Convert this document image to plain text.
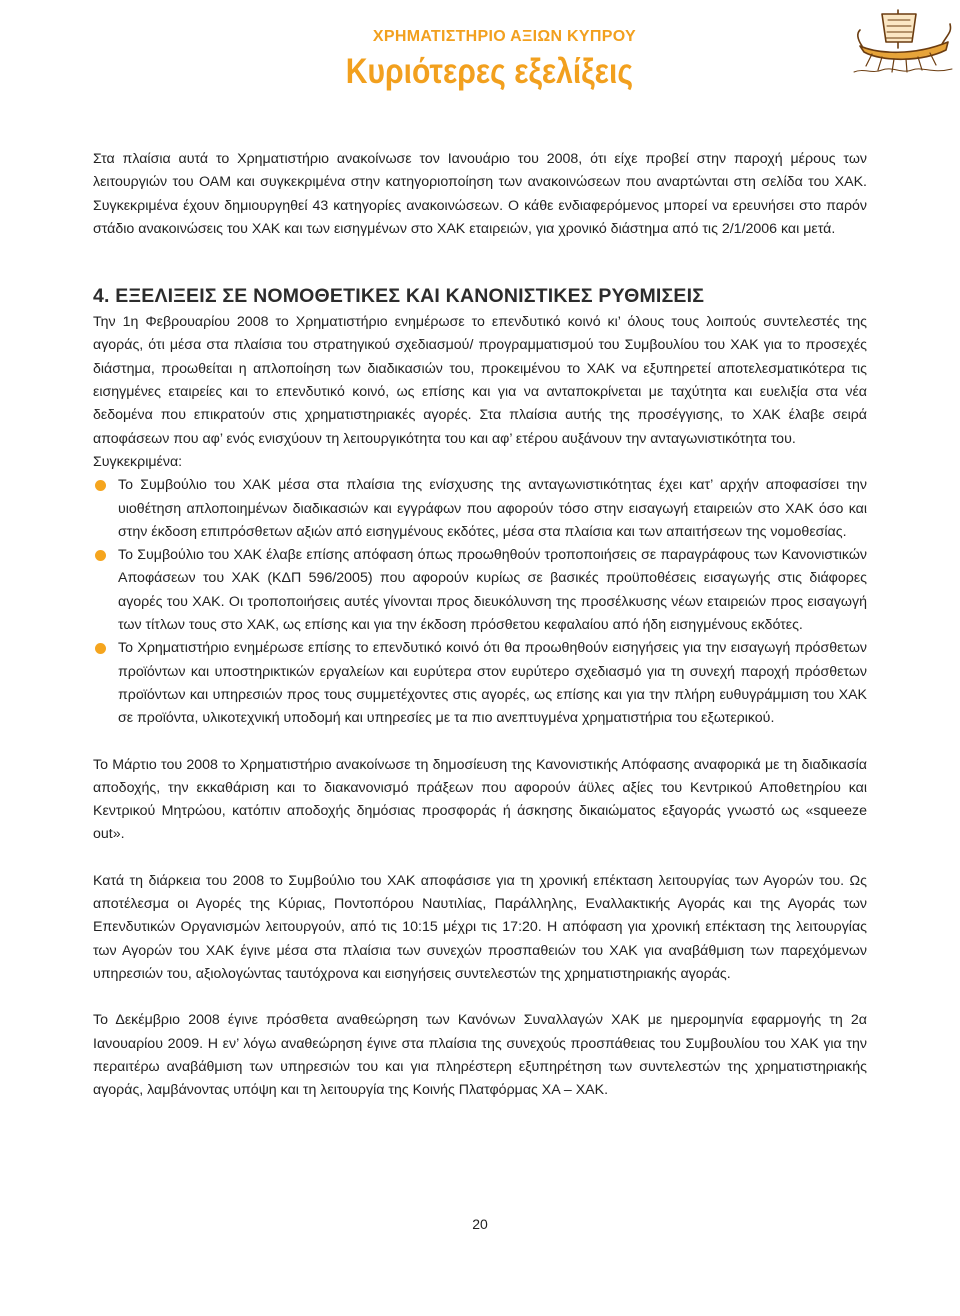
ΧΡΗΜΑΤΙΣΤΗΡΙΟ ΑΞΙΩΝ ΚΥΠΡΟΥ
Κυριότερες εξελίξεις

Στα πλαίσια αυτά το Χρηματιστήριο ανακοίνωσε τον Ιανουάριο του 2008, ότι είχε προβεί στην παροχή μέρους των λειτουργιών του ΟΑΜ και συγκεκριμένα στην κατηγοριοποίηση των ανακοινώσεων που αναρτώνται στη σελίδα του ΧΑΚ. Συγκεκριμένα έχουν δημιουργηθεί 43 κατηγορίες ανακοινώσεων. Ο κάθε ενδιαφερόμενος μπορεί να ερευνήσει στο παρόν στάδιο ανακοινώσεις του ΧΑΚ και των εισηγμένων στο ΧΑΚ εταιρειών, για χρονικό διάστημα από τις 2/1/2006 και μετά.

4. ΕΞΕΛΙΞΕΙΣ ΣΕ ΝΟΜΟΘΕΤΙΚΕΣ ΚΑΙ ΚΑΝΟΝΙΣΤΙΚΕΣ ΡΥΘΜΙΣΕΙΣ

Την 1η Φεβρουαρίου 2008 το Χρηματιστήριο ενημέρωσε το επενδυτικό κοινό κι’ όλους τους λοιπούς συντελεστές της αγοράς, ότι μέσα στα πλαίσια του στρατηγικού σχεδιασμού/ προγραμματισμού του Συμβουλίου του ΧΑΚ για το προσεχές διάστημα, προωθείται η απλοποίηση των διαδικασιών του, προκειμένου το ΧΑΚ να εξυπηρετεί αποτελεσματικότερα τις εισηγμένες εταιρείες και το επενδυτικό κοινό, ως επίσης και για να ανταποκρίνεται με ταχύτητα και ευελιξία στα νέα δεδομένα που επικρατούν στις χρηματιστηριακές αγορές. Στα πλαίσια αυτής της προσέγγισης, το ΧΑΚ έλαβε σειρά αποφάσεων που αφ’ ενός ενισχύουν τη λειτουργικότητα του και αφ’ ετέρου αυξάνουν την ανταγωνιστικότητα του.

Συγκεκριμένα:

Το Συμβούλιο του ΧΑΚ μέσα στα πλαίσια της ενίσχυσης της ανταγωνιστικότητας έχει κατ’ αρχήν αποφασίσει την υιοθέτηση απλοποιημένων διαδικασιών και εγγράφων που αφορούν τόσο στην εισαγωγή εταιρειών στο ΧΑΚ όσο και στην έκδοση επιπρόσθετων αξιών από εισηγμένους εκδότες, μέσα στα πλαίσια και των απαιτήσεων της νομοθεσίας.
Το Συμβούλιο του ΧΑΚ έλαβε επίσης απόφαση όπως προωθηθούν τροποποιήσεις σε παραγράφους των Κανονιστικών Αποφάσεων του ΧΑΚ (ΚΔΠ 596/2005) που αφορούν κυρίως σε βασικές προϋποθέσεις εισαγωγής στις διάφορες αγορές του ΧΑΚ. Οι τροποποιήσεις αυτές γίνονται προς διευκόλυνση της προσέλκυσης νέων εταιρειών προς εισαγωγή των τίτλων τους στο ΧΑΚ, ως επίσης και για την έκδοση πρόσθετου κεφαλαίου από ήδη εισηγμένους εκδότες.
Το Χρηματιστήριο ενημέρωσε επίσης το επενδυτικό κοινό ότι θα προωθηθούν εισηγήσεις για την εισαγωγή πρόσθετων προϊόντων και υποστηρικτικών εργαλείων και ευρύτερα στον ευρύτερο σχεδιασμό για τη συνεχή παροχή πρόσθετων προϊόντων και υπηρεσιών προς τους συμμετέχοντες στις αγορές, ως επίσης και για την πλήρη ευθυγράμμιση του ΧΑΚ σε προϊόντα, υλικοτεχνική υποδομή και υπηρεσίες με τα πιο ανεπτυγμένα χρηματιστήρια του εξωτερικού.

Το Μάρτιο του 2008 το Χρηματιστήριο ανακοίνωσε τη δημοσίευση της Κανονιστικής Απόφασης αναφορικά με τη διαδικασία αποδοχής, την εκκαθάριση και το διακανονισμό πράξεων που αφορούν άϋλες αξίες του Κεντρικού Αποθετηρίου και Κεντρικού Μητρώου, κατόπιν αποδοχής δημόσιας προσφοράς ή άσκησης δικαιώματος εξαγοράς γνωστό ως «squeeze out».

Κατά τη διάρκεια του 2008 το Συμβούλιο του ΧΑΚ αποφάσισε για τη χρονική επέκταση λειτουργίας των Αγορών του. Ως αποτέλεσμα οι Αγορές της Κύριας, Ποντοπόρου Ναυτιλίας, Παράλληλης, Εναλλακτικής Αγοράς και της Αγοράς των Επενδυτικών Οργανισμών λειτουργούν, από τις 10:15 μέχρι τις 17:20. Η απόφαση για χρονική επέκταση της λειτουργίας των Αγορών του ΧΑΚ έγινε μέσα στα πλαίσια των συνεχών προσπαθειών του ΧΑΚ για αναβάθμιση των παρεχόμενων υπηρεσιών του, αξιολογώντας ταυτόχρονα και εισηγήσεις συντελεστών της χρηματιστηριακής αγοράς.

Το Δεκέμβριο 2008 έγινε πρόσθετα αναθεώρηση των Κανόνων Συναλλαγών ΧΑΚ με ημερομηνία εφαρμογής τη 2α Ιανουαρίου 2009. Η εν’ λόγω αναθεώρηση έγινε στα πλαίσια της συνεχούς προσπάθειας του Συμβουλίου του ΧΑΚ για την περαιτέρω αναβάθμιση των υπηρεσιών του και για πληρέστερη εξυπηρέτηση των συντελεστών της χρηματιστηριακής αγοράς, λαμβάνοντας υπόψη και τη λειτουργία της Κοινής Πλατφόρμας ΧΑ – ΧΑΚ.

20
